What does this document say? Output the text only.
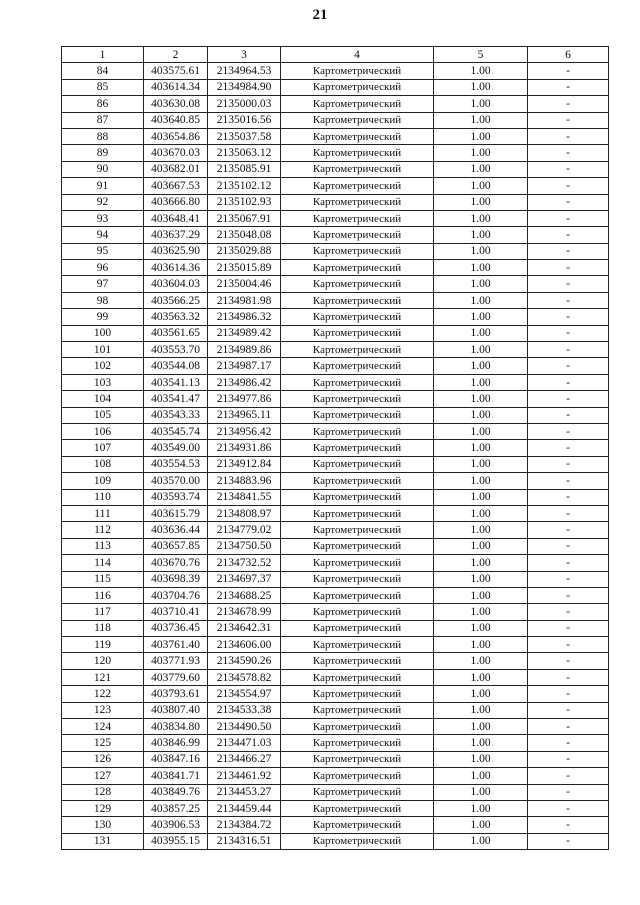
21
1	2	3	4	5	6
84	403575.61	2134964.53	Картометрический	1.00	-
85	403614.34	2134984.90	Картометрический	1.00	-
86	403630.08	2135000.03	Картометрический	1.00	-
87	403640.85	2135016.56	Картометрический	1.00	-
88	403654.86	2135037.58	Картометрический	1.00	-
89	403670.03	2135063.12	Картометрический	1.00	-
90	403682.01	2135085.91	Картометрический	1.00	-
91	403667.53	2135102.12	Картометрический	1.00	-
92	403666.80	2135102.93	Картометрический	1.00	-
93	403648.41	2135067.91	Картометрический	1.00	-
94	403637.29	2135048.08	Картометрический	1.00	-
95	403625.90	2135029.88	Картометрический	1.00	-
96	403614.36	2135015.89	Картометрический	1.00	-
97	403604.03	2135004.46	Картометрический	1.00	-
98	403566.25	2134981.98	Картометрический	1.00	-
99	403563.32	2134986.32	Картометрический	1.00	-
100	403561.65	2134989.42	Картометрический	1.00	-
101	403553.70	2134989.86	Картометрический	1.00	-
102	403544.08	2134987.17	Картометрический	1.00	-
103	403541.13	2134986.42	Картометрический	1.00	-
104	403541.47	2134977.86	Картометрический	1.00	-
105	403543.33	2134965.11	Картометрический	1.00	-
106	403545.74	2134956.42	Картометрический	1.00	-
107	403549.00	2134931.86	Картометрический	1.00	-
108	403554.53	2134912.84	Картометрический	1.00	-
109	403570.00	2134883.96	Картометрический	1.00	-
110	403593.74	2134841.55	Картометрический	1.00	-
111	403615.79	2134808.97	Картометрический	1.00	-
112	403636.44	2134779.02	Картометрический	1.00	-
113	403657.85	2134750.50	Картометрический	1.00	-
114	403670.76	2134732.52	Картометрический	1.00	-
115	403698.39	2134697.37	Картометрический	1.00	-
116	403704.76	2134688.25	Картометрический	1.00	-
117	403710.41	2134678.99	Картометрический	1.00	-
118	403736.45	2134642.31	Картометрический	1.00	-
119	403761.40	2134606.00	Картометрический	1.00	-
120	403771.93	2134590.26	Картометрический	1.00	-
121	403779.60	2134578.82	Картометрический	1.00	-
122	403793.61	2134554.97	Картометрический	1.00	-
123	403807.40	2134533.38	Картометрический	1.00	-
124	403834.80	2134490.50	Картометрический	1.00	-
125	403846.99	2134471.03	Картометрический	1.00	-
126	403847.16	2134466.27	Картометрический	1.00	-
127	403841.71	2134461.92	Картометрический	1.00	-
128	403849.76	2134453.27	Картометрический	1.00	-
129	403857.25	2134459.44	Картометрический	1.00	-
130	403906.53	2134384.72	Картометрический	1.00	-
131	403955.15	2134316.51	Картометрический	1.00	-
